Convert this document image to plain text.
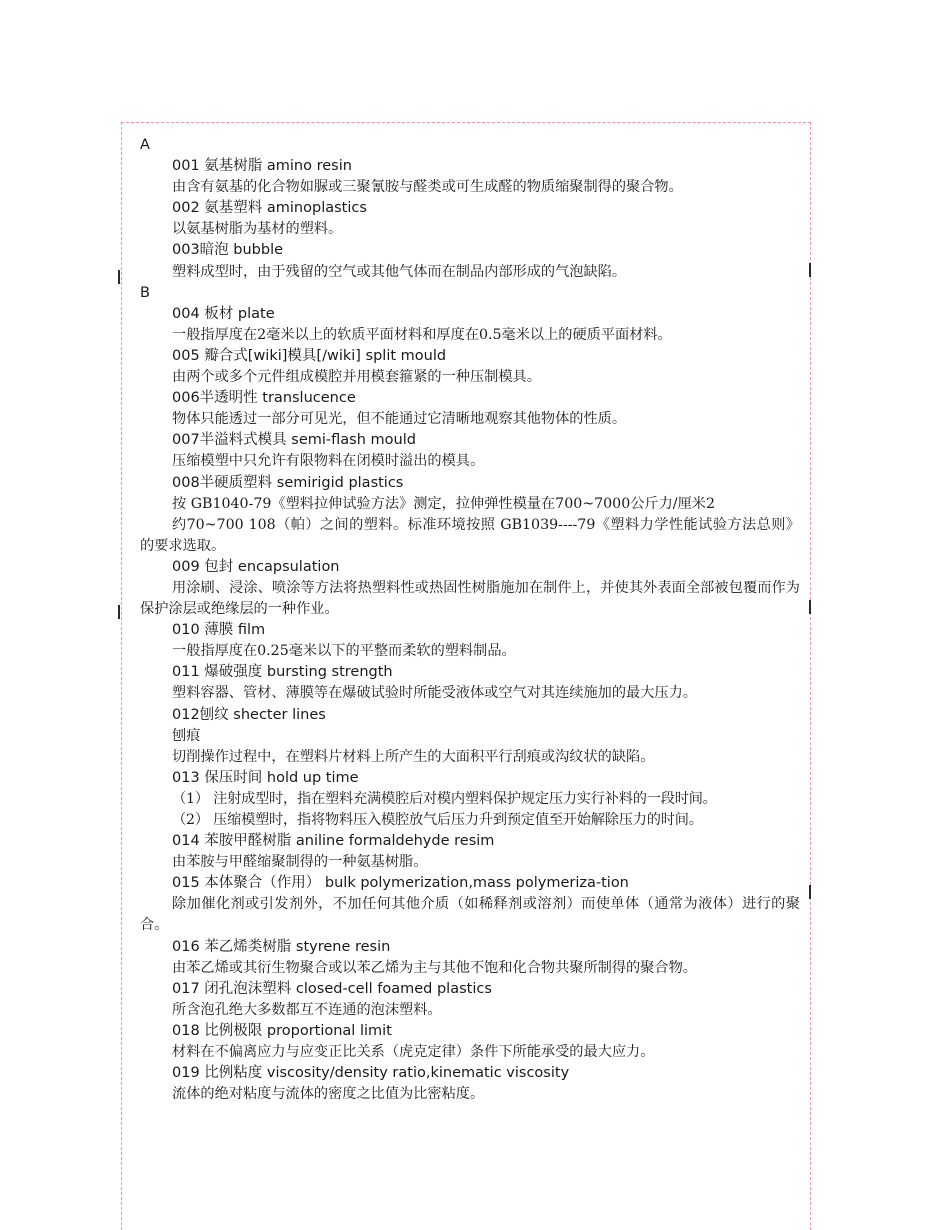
A
001 氨基树脂 amino resin
由含有氨基的化合物如脲或三聚氰胺与醛类或可生成醛的物质缩聚制得的聚合物。
002 氨基塑料 aminoplastics
以氨基树脂为基材的塑料。
003暗泡 bubble
塑料成型时，由于残留的空气或其他气体而在制品内部形成的气泡缺陷。
B
004 板材 plate
一般指厚度在2毫米以上的软质平面材料和厚度在0.5毫米以上的硬质平面材料。
005 瓣合式[wiki]模具[/wiki] split mould
由两个或多个元件组成模腔并用模套箍紧的一种压制模具。
006半透明性 translucence
物体只能透过一部分可见光，但不能通过它清晰地观察其他物体的性质。
007半溢料式模具 semi-flash mould
压缩模塑中只允许有限物料在闭模时溢出的模具。
008半硬质塑料 semirigid plastics
按 GB1040-79《塑料拉伸试验方法》测定，拉伸弹性模量在700~7000公斤力/厘米2
约70~700 108（帕）之间的塑料。标准环境按照 GB1039----79《塑料力学性能试验方法总则》的要求选取。
009 包封 encapsulation
用涂刷、浸涂、喷涂等方法将热塑料性或热固性树脂施加在制件上，并使其外表面全部被包覆而作为保护涂层或绝缘层的一种作业。
010 薄膜 film
一般指厚度在0.25毫米以下的平整而柔软的塑料制品。
011 爆破强度 bursting strength
塑料容器、管材、薄膜等在爆破试验时所能受液体或空气对其连续施加的最大压力。
012刨纹 shecter lines
刨痕
切削操作过程中，在塑料片材料上所产生的大面积平行刮痕或沟纹状的缺陷。
013 保压时间 hold up time
（1） 注射成型时，指在塑料充满模腔后对模内塑料保护规定压力实行补料的一段时间。
（2） 压缩模塑时，指将物料压入模腔放气后压力升到预定值至开始解除压力的时间。
014 苯胺甲醛树脂 aniline formaldehyde resim
由苯胺与甲醛缩聚制得的一种氨基树脂。
015 本体聚合（作用） bulk polymerization,mass polymeriza-tion
除加催化剂或引发剂外，不加任何其他介质（如稀释剂或溶剂）而使单体（通常为液体）进行的聚合。
016 苯乙烯类树脂 styrene resin
由苯乙烯或其衍生物聚合或以苯乙烯为主与其他不饱和化合物共聚所制得的聚合物。
017 闭孔泡沫塑料 closed-cell foamed plastics
所含泡孔绝大多数都互不连通的泡沫塑料。
018 比例极限 proportional limit
材料在不偏离应力与应变正比关系（虎克定律）条件下所能承受的最大应力。
019 比例粘度 viscosity/density ratio,kinematic viscosity
流体的绝对粘度与流体的密度之比值为比密粘度。
